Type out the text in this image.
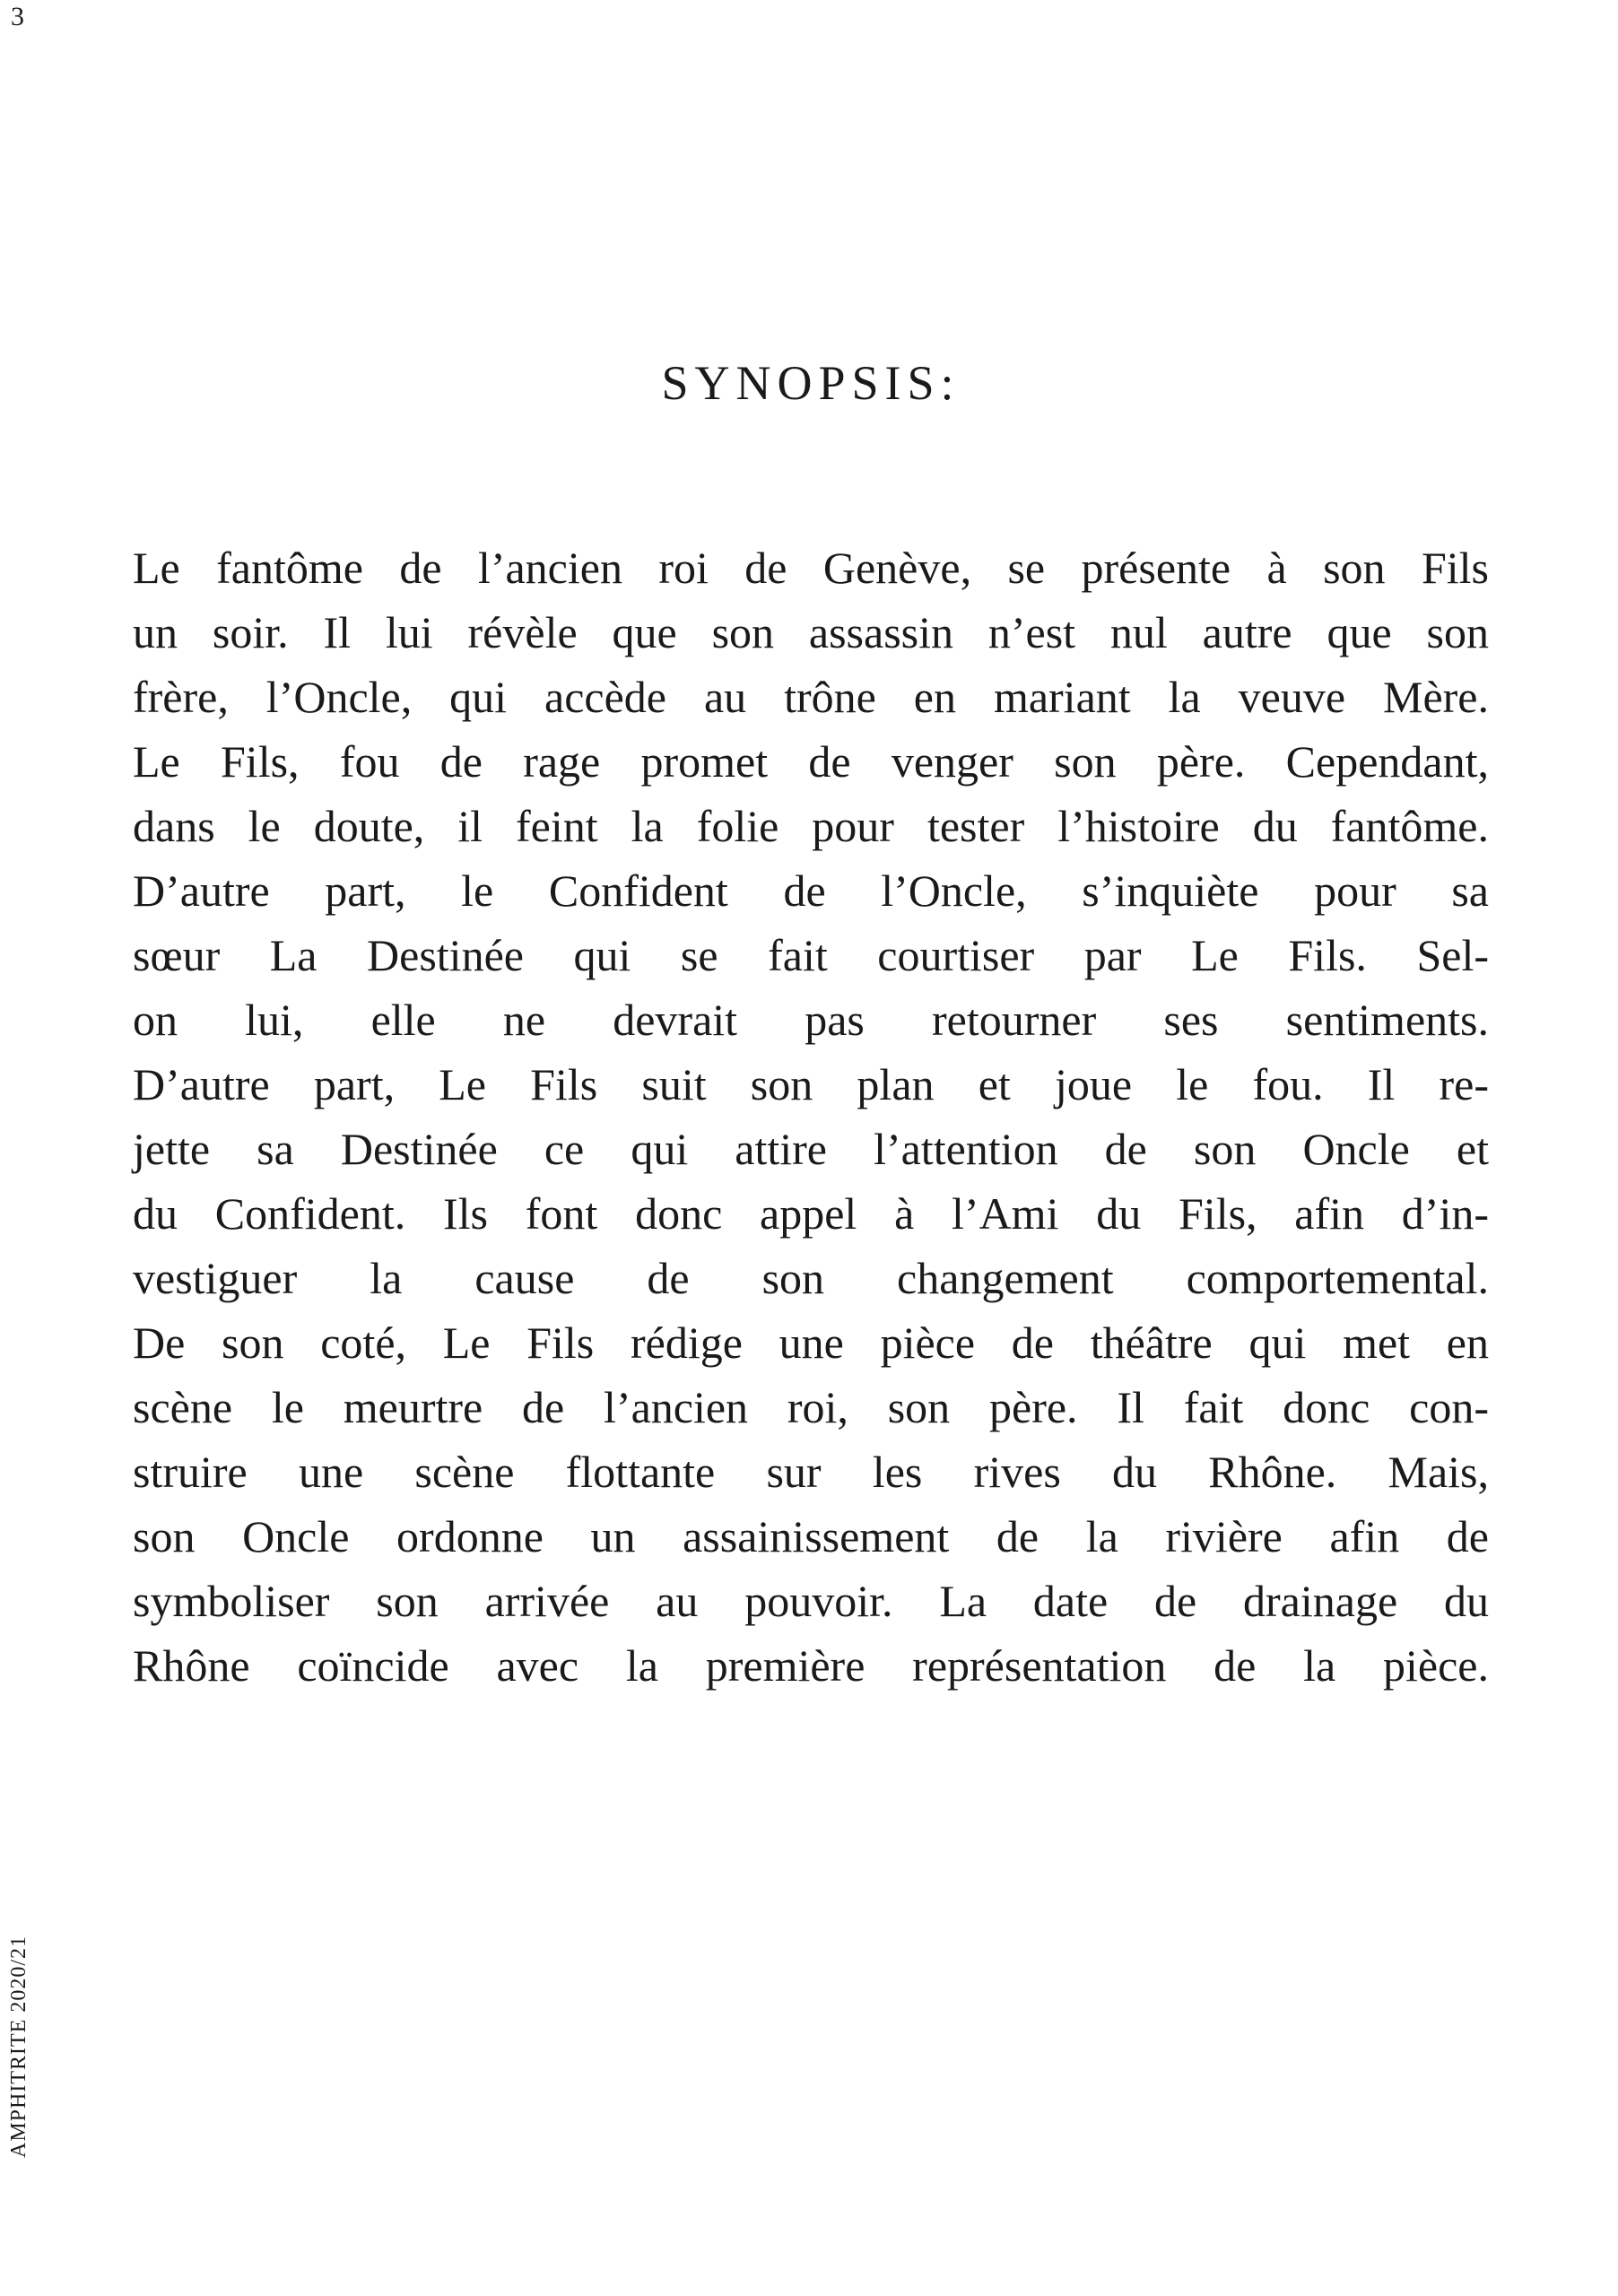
3
SYNOPSIS:
Le fantôme de l’ancien roi de Genève, se présente à son Fils
un soir. Il lui révèle que son assassin n’est nul autre que son
frère, l’Oncle, qui accède au trône en mariant la veuve Mère.
Le Fils, fou de rage promet de venger son père. Cependant,
dans le doute, il feint la folie pour tester l’histoire du fantôme.
D’autre part, le Confident de l’Oncle, s’inquiète pour sa
sœur La Destinée qui se fait courtiser par Le Fils. Sel-
on lui, elle ne devrait pas retourner ses sentiments.
D’autre part, Le Fils suit son plan et joue le fou. Il re-
jette sa Destinée ce qui attire l’attention de son Oncle et
du Confident. Ils font donc appel à l’Ami du Fils, afin d’in-
vestiguer la cause de son changement comportemental.
De son coté, Le Fils rédige une pièce de théâtre qui met en
scène le meurtre de l’ancien roi, son père. Il fait donc con-
struire une scène flottante sur les rives du Rhône. Mais,
son Oncle ordonne un assainissement de la rivière afin de
symboliser son arrivée au pouvoir. La date de drainage du
Rhône coïncide avec la première représentation de la pièce.
AMPHITRITE 2020/21
